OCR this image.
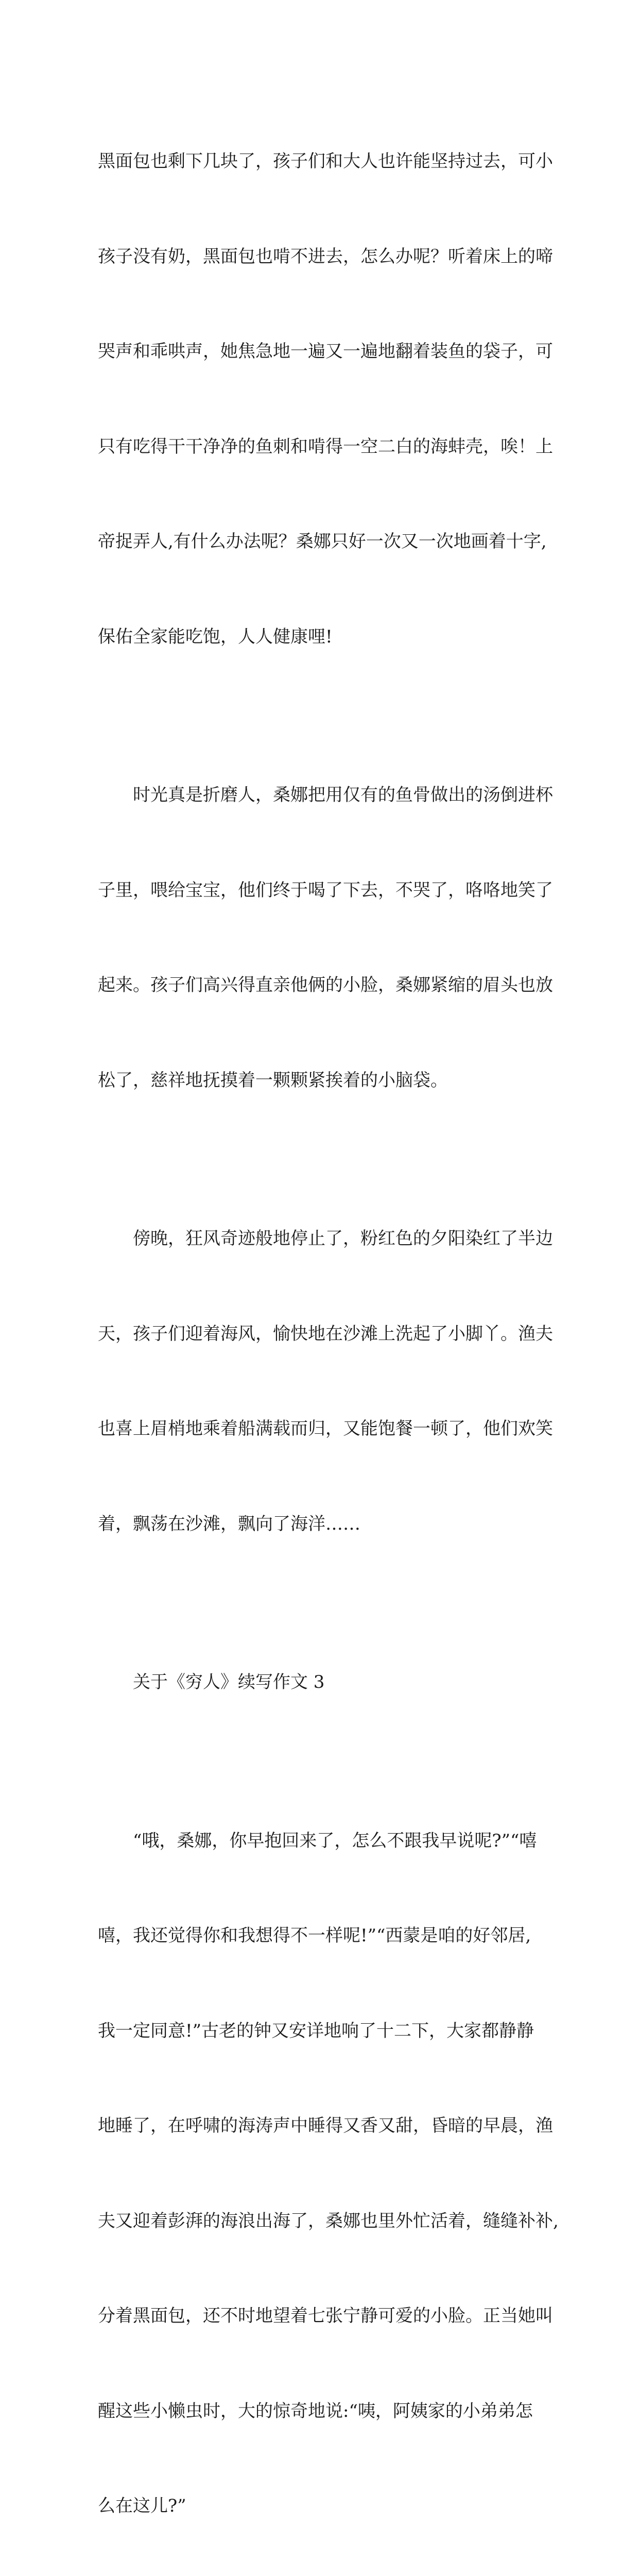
黑面包也剩下几块了，孩子们和大人也许能坚持过去，可小

孩子没有奶，黑面包也啃不进去，怎么办呢？听着床上的啼

哭声和乖哄声，她焦急地一遍又一遍地翻着装鱼的袋子，可

只有吃得干干净净的鱼刺和啃得一空二白的海蚌壳，唉！上

帝捉弄人,有什么办法呢？桑娜只好一次又一次地画着十字,

保佑全家能吃饱，人人健康哩!

　　时光真是折磨人，桑娜把用仅有的鱼骨做出的汤倒进杯

子里，喂给宝宝，他们终于喝了下去，不哭了，咯咯地笑了

起来。孩子们高兴得直亲他俩的小脸，桑娜紧缩的眉头也放

松了，慈祥地抚摸着一颗颗紧挨着的小脑袋。

　　傍晚，狂风奇迹般地停止了，粉红色的夕阳染红了半边

天，孩子们迎着海风，愉快地在沙滩上洗起了小脚丫。渔夫

也喜上眉梢地乘着船满载而归，又能饱餐一顿了，他们欢笑

着，飘荡在沙滩，飘向了海洋……

　　关于《穷人》续写作文 3

　　“哦，桑娜，你早抱回来了，怎么不跟我早说呢?”“嘻

嘻，我还觉得你和我想得不一样呢!”“西蒙是咱的好邻居,

我一定同意!”古老的钟又安详地响了十二下，大家都静静

地睡了，在呼啸的海涛声中睡得又香又甜，昏暗的早晨，渔

夫又迎着彭湃的海浪出海了，桑娜也里外忙活着，缝缝补补,

分着黑面包，还不时地望着七张宁静可爱的小脸。正当她叫

醒这些小懒虫时，大的惊奇地说:“咦，阿姨家的小弟弟怎

么在这儿?”
